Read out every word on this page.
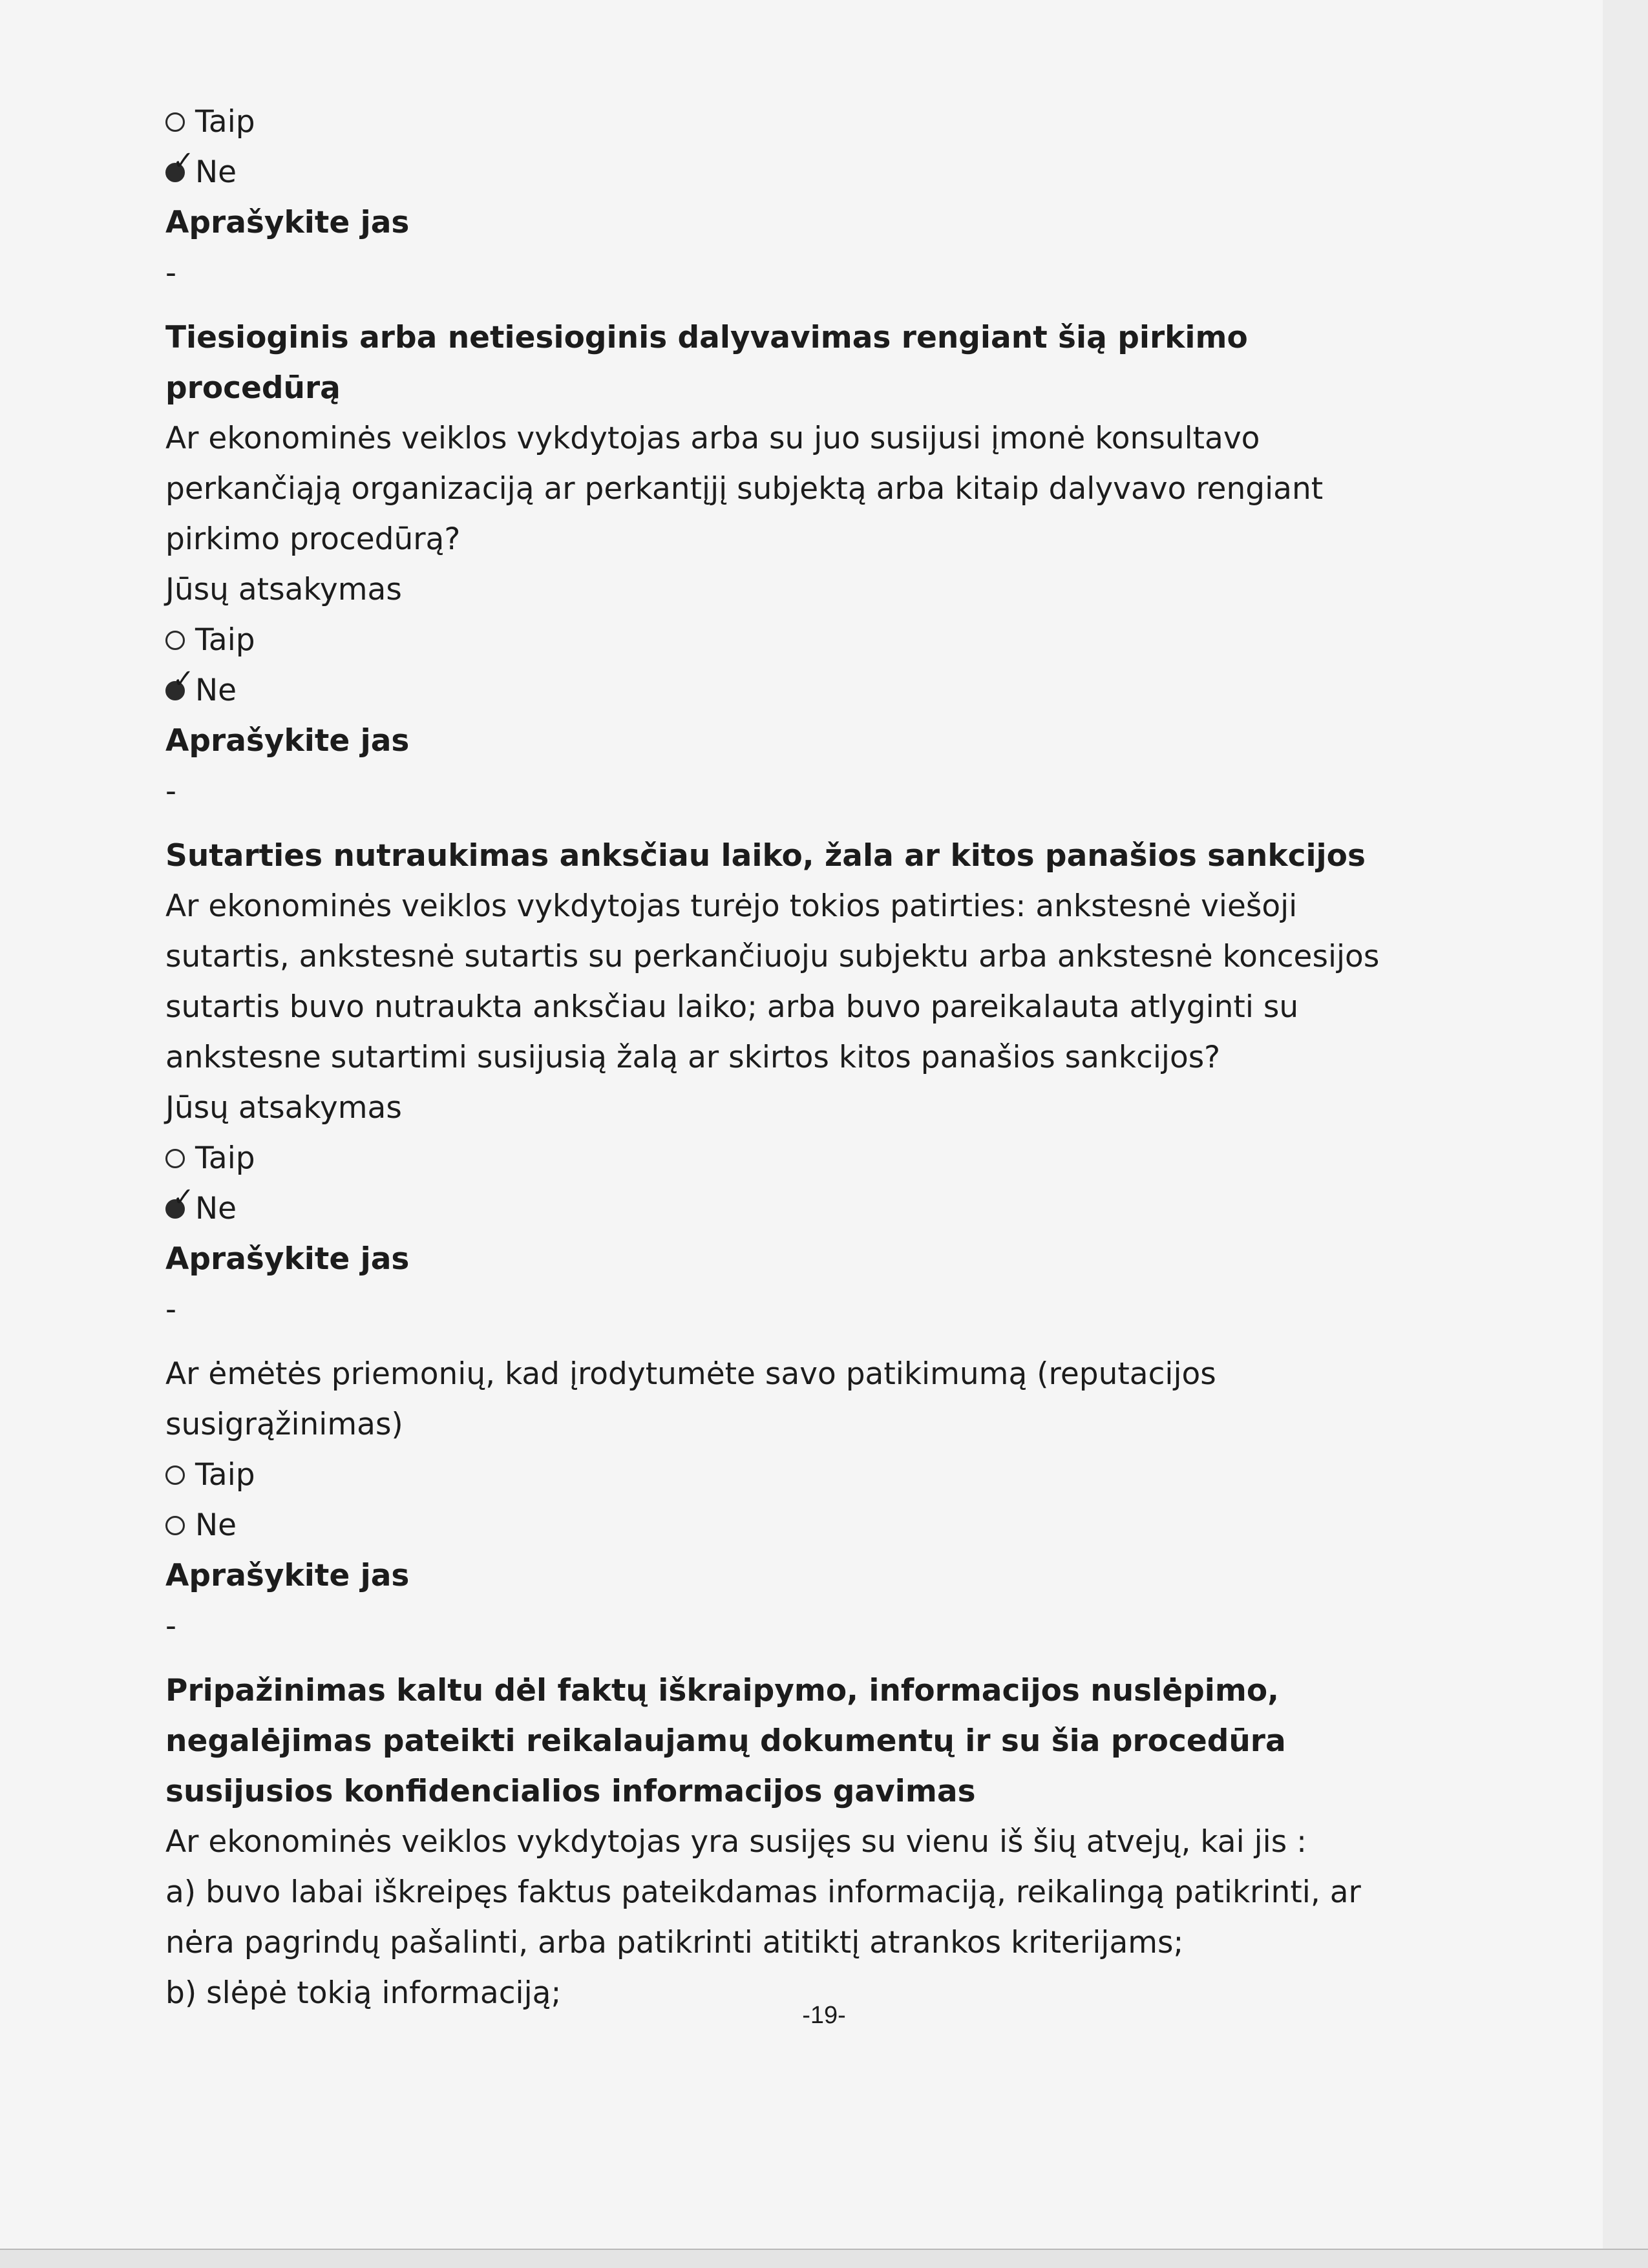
Taip
✓ Ne
Aprašykite jas
-
Tiesioginis arba netiesioginis dalyvavimas rengiant šią pirkimo
procedūrą
Ar ekonominės veiklos vykdytojas arba su juo susijusi įmonė konsultavo
perkančiąją organizaciją ar perkantįjį subjektą arba kitaip dalyvavo rengiant
pirkimo procedūrą?
Jūsų atsakymas
Taip
✓ Ne
Aprašykite jas
-
Sutarties nutraukimas anksčiau laiko, žala ar kitos panašios sankcijos
Ar ekonominės veiklos vykdytojas turėjo tokios patirties: ankstesnė viešoji
sutartis, ankstesnė sutartis su perkančiuoju subjektu arba ankstesnė koncesijos
sutartis buvo nutraukta anksčiau laiko; arba buvo pareikalauta atlyginti su
ankstesne sutartimi susijusią žalą ar skirtos kitos panašios sankcijos?
Jūsų atsakymas
Taip
✓ Ne
Aprašykite jas
-
Ar ėmėtės priemonių, kad įrodytumėte savo patikimumą (reputacijos
susigrąžinimas)
Taip
Ne
Aprašykite jas
-
Pripažinimas kaltu dėl faktų iškraipymo, informacijos nuslėpimo,
negalėjimas pateikti reikalaujamų dokumentų ir su šia procedūra
susijusios konfidencialios informacijos gavimas
Ar ekonominės veiklos vykdytojas yra susijęs su vienu iš šių atvejų, kai jis :
a) buvo labai iškreipęs faktus pateikdamas informaciją, reikalingą patikrinti, ar
nėra pagrindų pašalinti, arba patikrinti atitiktį atrankos kriterijams;
b) slėpė tokią informaciją;
-19-
